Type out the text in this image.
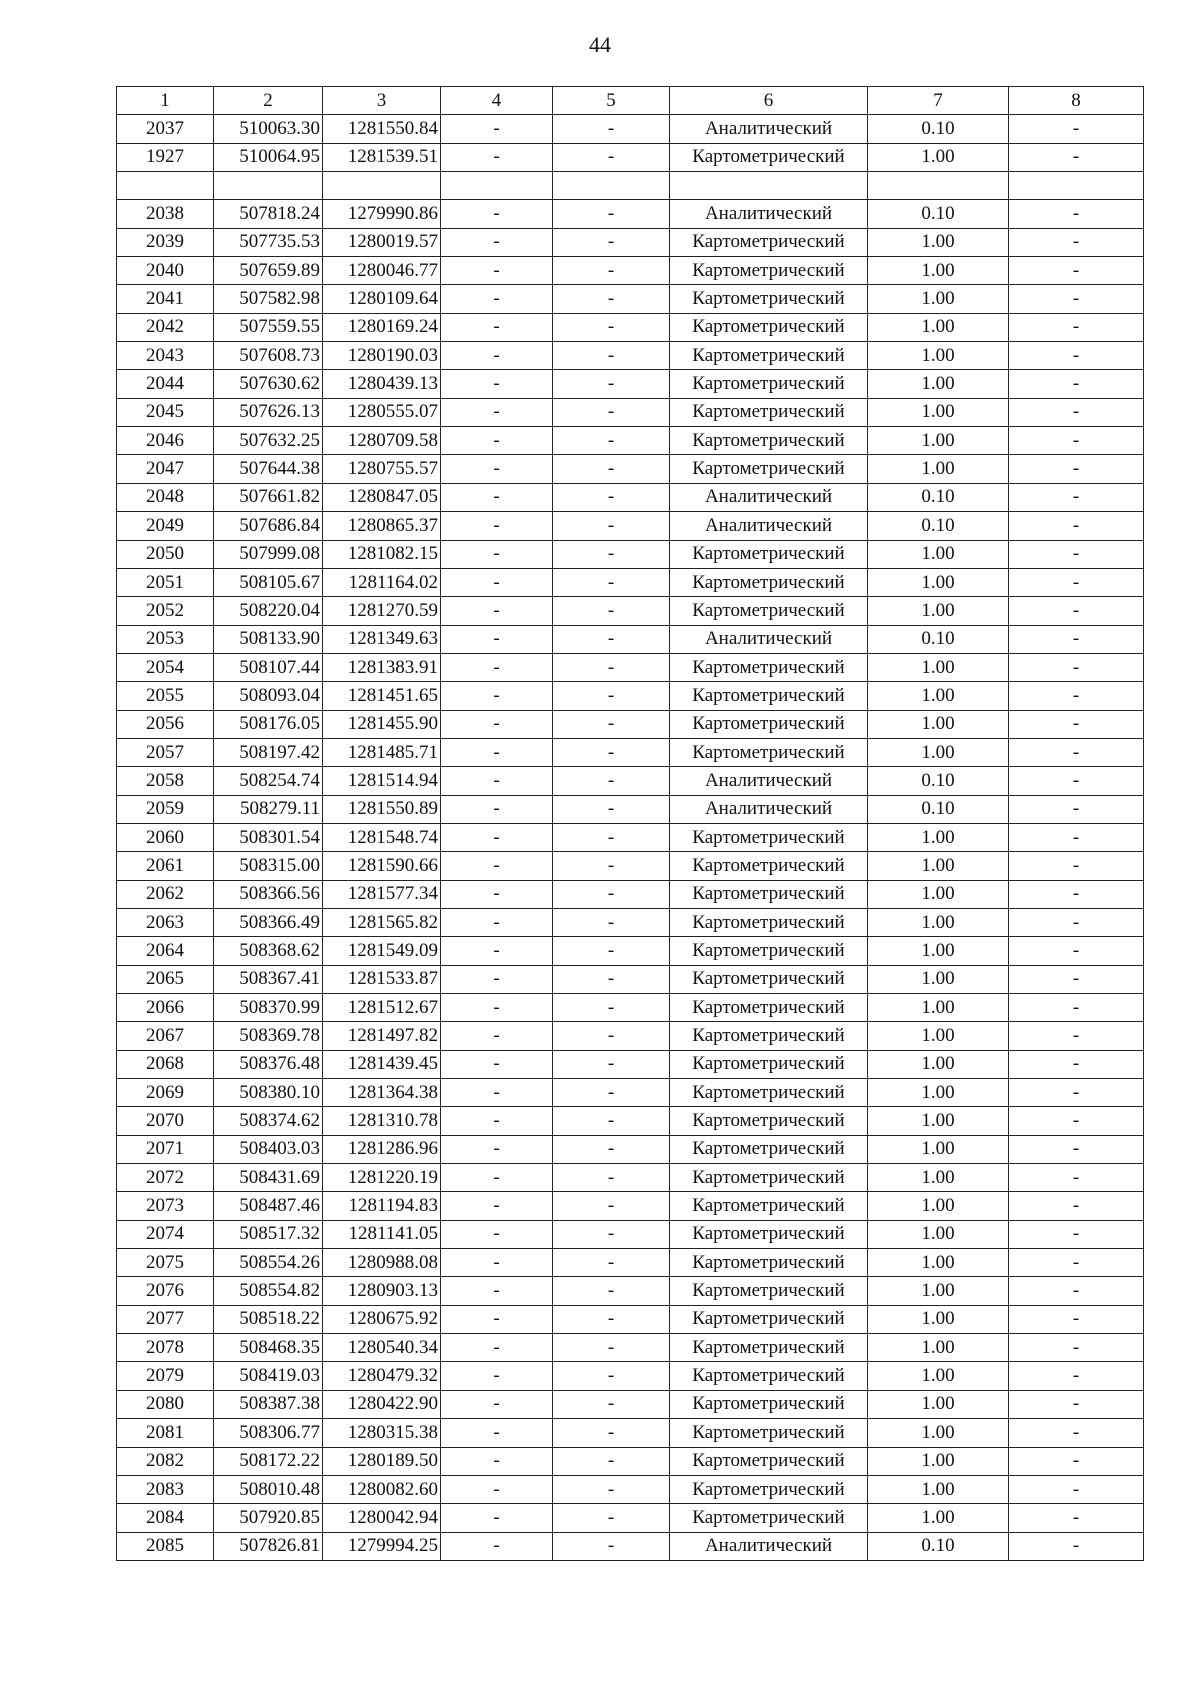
44
1	2	3	4	5	6	7	8
2037	510063.30	1281550.84	-	-	Аналитический	0.10	-
1927	510064.95	1281539.51	-	-	Картометрический	1.00	-

2038	507818.24	1279990.86	-	-	Аналитический	0.10	-
2039	507735.53	1280019.57	-	-	Картометрический	1.00	-
2040	507659.89	1280046.77	-	-	Картометрический	1.00	-
2041	507582.98	1280109.64	-	-	Картометрический	1.00	-
2042	507559.55	1280169.24	-	-	Картометрический	1.00	-
2043	507608.73	1280190.03	-	-	Картометрический	1.00	-
2044	507630.62	1280439.13	-	-	Картометрический	1.00	-
2045	507626.13	1280555.07	-	-	Картометрический	1.00	-
2046	507632.25	1280709.58	-	-	Картометрический	1.00	-
2047	507644.38	1280755.57	-	-	Картометрический	1.00	-
2048	507661.82	1280847.05	-	-	Аналитический	0.10	-
2049	507686.84	1280865.37	-	-	Аналитический	0.10	-
2050	507999.08	1281082.15	-	-	Картометрический	1.00	-
2051	508105.67	1281164.02	-	-	Картометрический	1.00	-
2052	508220.04	1281270.59	-	-	Картометрический	1.00	-
2053	508133.90	1281349.63	-	-	Аналитический	0.10	-
2054	508107.44	1281383.91	-	-	Картометрический	1.00	-
2055	508093.04	1281451.65	-	-	Картометрический	1.00	-
2056	508176.05	1281455.90	-	-	Картометрический	1.00	-
2057	508197.42	1281485.71	-	-	Картометрический	1.00	-
2058	508254.74	1281514.94	-	-	Аналитический	0.10	-
2059	508279.11	1281550.89	-	-	Аналитический	0.10	-
2060	508301.54	1281548.74	-	-	Картометрический	1.00	-
2061	508315.00	1281590.66	-	-	Картометрический	1.00	-
2062	508366.56	1281577.34	-	-	Картометрический	1.00	-
2063	508366.49	1281565.82	-	-	Картометрический	1.00	-
2064	508368.62	1281549.09	-	-	Картометрический	1.00	-
2065	508367.41	1281533.87	-	-	Картометрический	1.00	-
2066	508370.99	1281512.67	-	-	Картометрический	1.00	-
2067	508369.78	1281497.82	-	-	Картометрический	1.00	-
2068	508376.48	1281439.45	-	-	Картометрический	1.00	-
2069	508380.10	1281364.38	-	-	Картометрический	1.00	-
2070	508374.62	1281310.78	-	-	Картометрический	1.00	-
2071	508403.03	1281286.96	-	-	Картометрический	1.00	-
2072	508431.69	1281220.19	-	-	Картометрический	1.00	-
2073	508487.46	1281194.83	-	-	Картометрический	1.00	-
2074	508517.32	1281141.05	-	-	Картометрический	1.00	-
2075	508554.26	1280988.08	-	-	Картометрический	1.00	-
2076	508554.82	1280903.13	-	-	Картометрический	1.00	-
2077	508518.22	1280675.92	-	-	Картометрический	1.00	-
2078	508468.35	1280540.34	-	-	Картометрический	1.00	-
2079	508419.03	1280479.32	-	-	Картометрический	1.00	-
2080	508387.38	1280422.90	-	-	Картометрический	1.00	-
2081	508306.77	1280315.38	-	-	Картометрический	1.00	-
2082	508172.22	1280189.50	-	-	Картометрический	1.00	-
2083	508010.48	1280082.60	-	-	Картометрический	1.00	-
2084	507920.85	1280042.94	-	-	Картометрический	1.00	-
2085	507826.81	1279994.25	-	-	Аналитический	0.10	-
